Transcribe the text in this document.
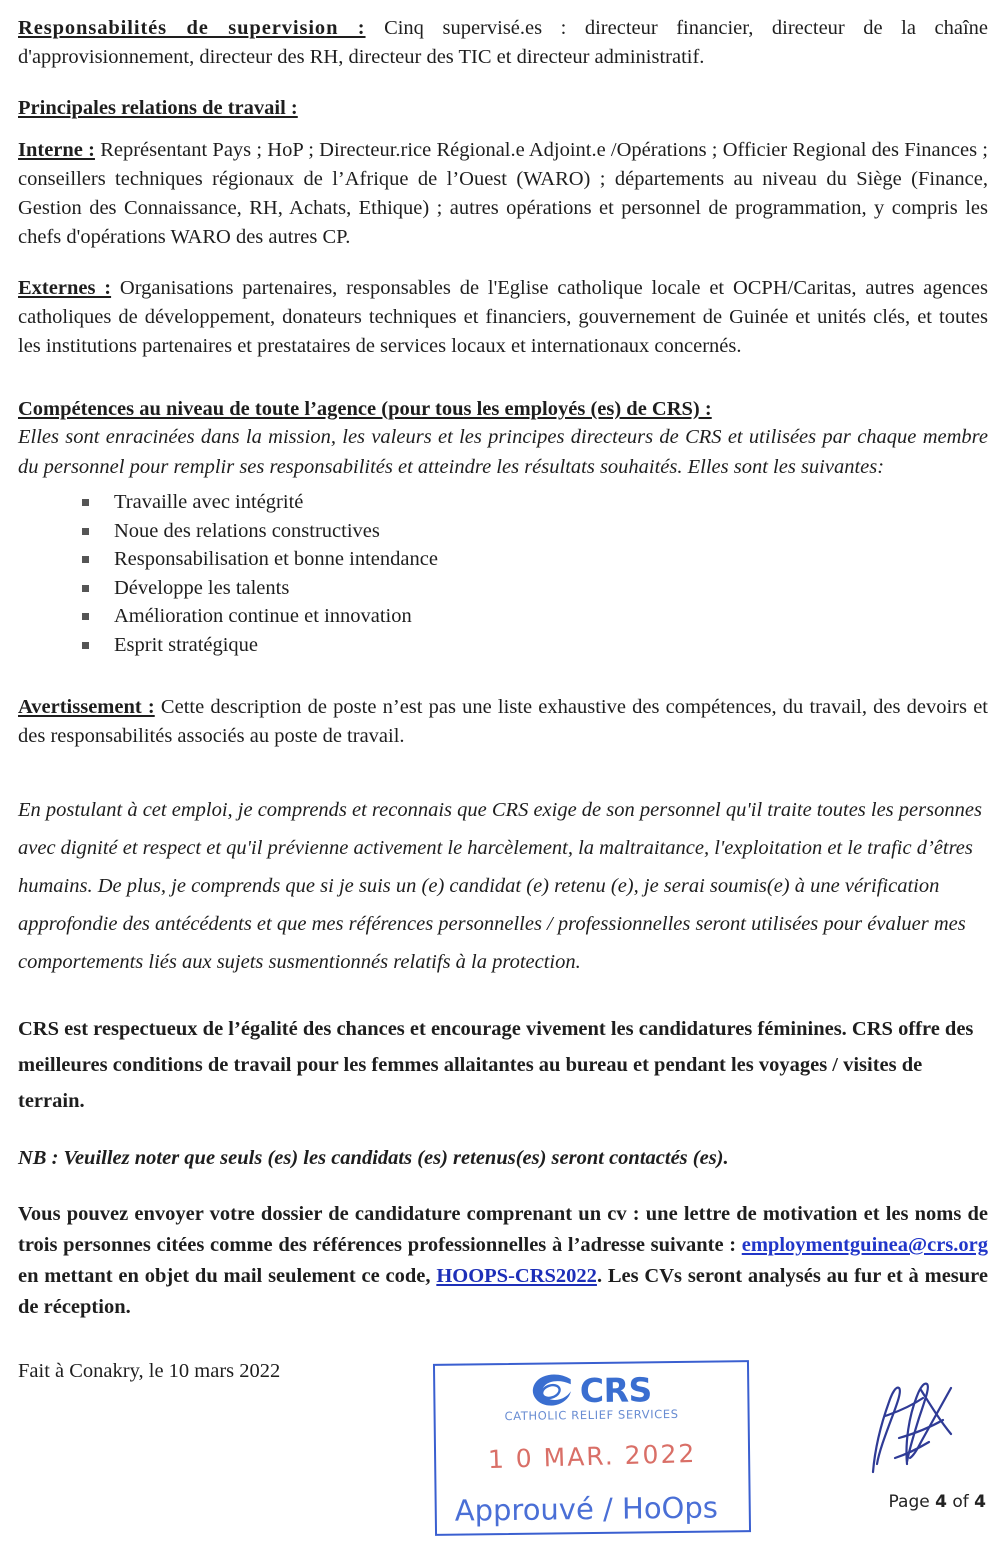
Responsabilités de supervision : Cinq supervisé.es : directeur financier, directeur de la chaîne d'approvisionnement, directeur des RH, directeur des TIC et directeur administratif.

Principales relations de travail :

Interne : Représentant Pays ; HoP ; Directeur.rice Régional.e Adjoint.e /Opérations ; Officier Regional des Finances ; conseillers techniques régionaux de l’Afrique de l’Ouest (WARO) ; départements au niveau du Siège (Finance, Gestion des Connaissance, RH, Achats, Ethique) ; autres opérations et personnel de programmation, y compris les chefs d'opérations WARO des autres CP.

Externes : Organisations partenaires, responsables de l'Eglise catholique locale et OCPH/Caritas, autres agences catholiques de développement, donateurs techniques et financiers, gouvernement de Guinée et unités clés, et toutes les institutions partenaires et prestataires de services locaux et internationaux concernés.

Compétences au niveau de toute l’agence (pour tous les employés (es) de CRS) :

Elles sont enracinées dans la mission, les valeurs et les principes directeurs de CRS et utilisées par chaque membre du personnel pour remplir ses responsabilités et atteindre les résultats souhaités. Elles sont les suivantes:

Travaille avec intégrité
Noue des relations constructives
Responsabilisation et bonne intendance
Développe les talents
Amélioration continue et innovation
Esprit stratégique

Avertissement : Cette description de poste n’est pas une liste exhaustive des compétences, du travail, des devoirs et des responsabilités associés au poste de travail.

En postulant à cet emploi, je comprends et reconnais que CRS exige de son personnel qu'il traite toutes les personnes avec dignité et respect et qu'il prévienne activement le harcèlement, la maltraitance, l'exploitation et le trafic d’êtres humains. De plus, je comprends que si je suis un (e) candidat (e) retenu (e), je serai soumis(e) à une vérification approfondie des antécédents et que mes références personnelles / professionnelles seront utilisées pour évaluer mes comportements liés aux sujets susmentionnés relatifs à la protection.

CRS est respectueux de l’égalité des chances et encourage vivement les candidatures féminines. CRS offre des meilleures conditions de travail pour les femmes allaitantes au bureau et pendant les voyages / visites de terrain.

NB : Veuillez noter que seuls (es) les candidats (es) retenus(es) seront contactés (es).

Vous pouvez envoyer votre dossier de candidature comprenant un cv : une lettre de motivation et les noms de trois personnes citées comme des références professionnelles à l’adresse suivante : employmentguinea@crs.org en mettant en objet du mail seulement ce code, HOOPS-CRS2022. Les CVs seront analysés au fur et à mesure de réception.

Fait à Conakry, le 10 mars 2022	CRS
CATHOLIC RELIEF SERVICES
1 0 MAR. 2022
Approuvé / HoOps	Page 4 of 4
